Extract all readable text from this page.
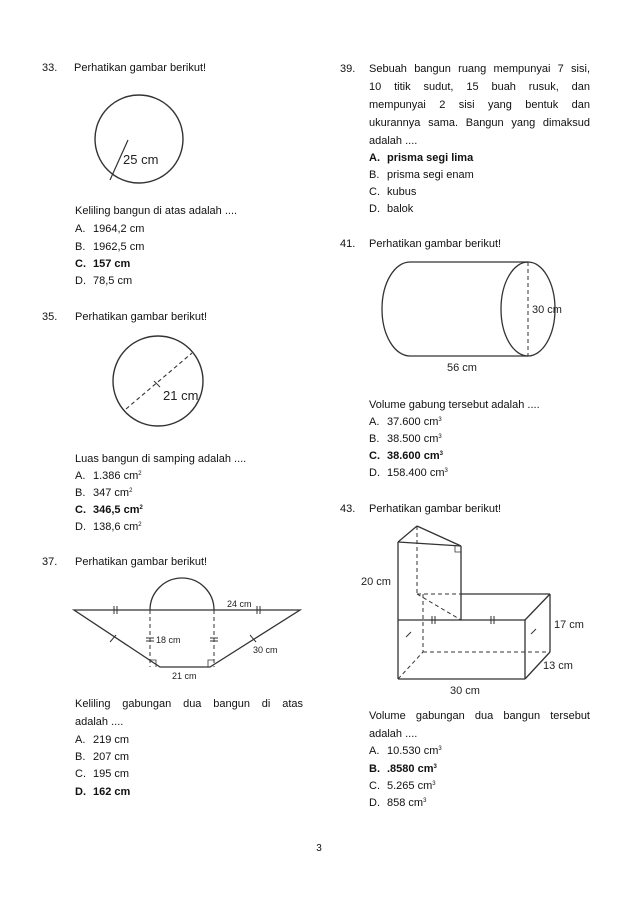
33. Perhatikan gambar berikut!
25 cm
Keliling bangun di atas adalah ....
A. 1964,2 cm
B. 1962,5 cm
C. 157 cm
D. 78,5 cm
35. Perhatikan gambar berikut!
21 cm
Luas bangun di samping adalah ....
A. 1.386 $cm^2$
B. 347 $cm^2$
C. 346,5 $cm^2$
D. 138,6 $cm^2$
37. Perhatikan gambar berikut!
24 cm
18 cm
30 cm
21 cm
Keliling gabungan dua bangun di atas
adalah ....
A. 219 cm
B. 207 cm
C. 195 cm
D. 162 cm
39. Sebuah bangun ruang mempunyai 7 sisi,
10 titik sudut, 15 buah rusuk, dan
mempunyai 2 sisi yang bentuk dan
ukurannya sama. Bangun yang dimaksud
adalah ....
A. prisma segi lima
B. prisma segi enam
C. kubus
D. balok
41. Perhatikan gambar berikut!
30 cm
56 cm
Volume gabung tersebut adalah ....
A. 37.600 $cm^3$
B. 38.500 $cm^3$
C. 38.600 $cm^3$
D. 158.400 $cm^3$
43. Perhatikan gambar berikut!
20 cm
17 cm
13 cm
30 cm
Volume gabungan dua bangun tersebut
adalah ....
A. 10.530 $cm^3$
B. .8580 $cm^3$
C. 5.265 $cm^3$
D. 858 $cm^3$
3
